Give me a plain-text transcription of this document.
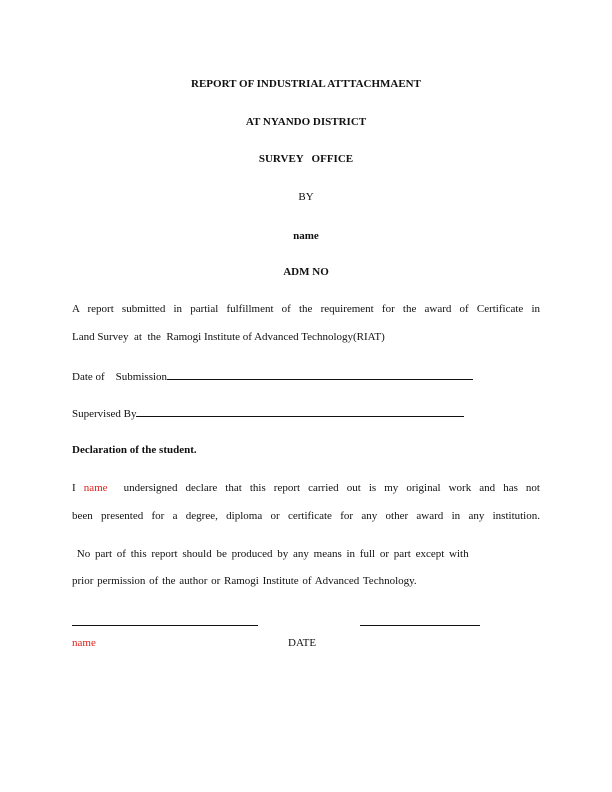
REPORT OF INDUSTRIAL ATTTACHMAENT
AT NYANDO DISTRICT
SURVEY   OFFICE
BY
name
ADM NO
A report submitted in partial fulfillment of the requirement for the award of Certificate in
Land Survey  at  the  Ramogi Institute of Advanced Technology(RIAT)
Date of    Submission
Supervised By
Declaration of the student.
I name  undersigned declare that this report carried out is my original work and has not
been presented for a degree, diploma or certificate for any other award in any institution.
No part of this report should be produced by any means in full or part except with
prior permission of the author or Ramogi Institute of Advanced Technology.
name	DATE
